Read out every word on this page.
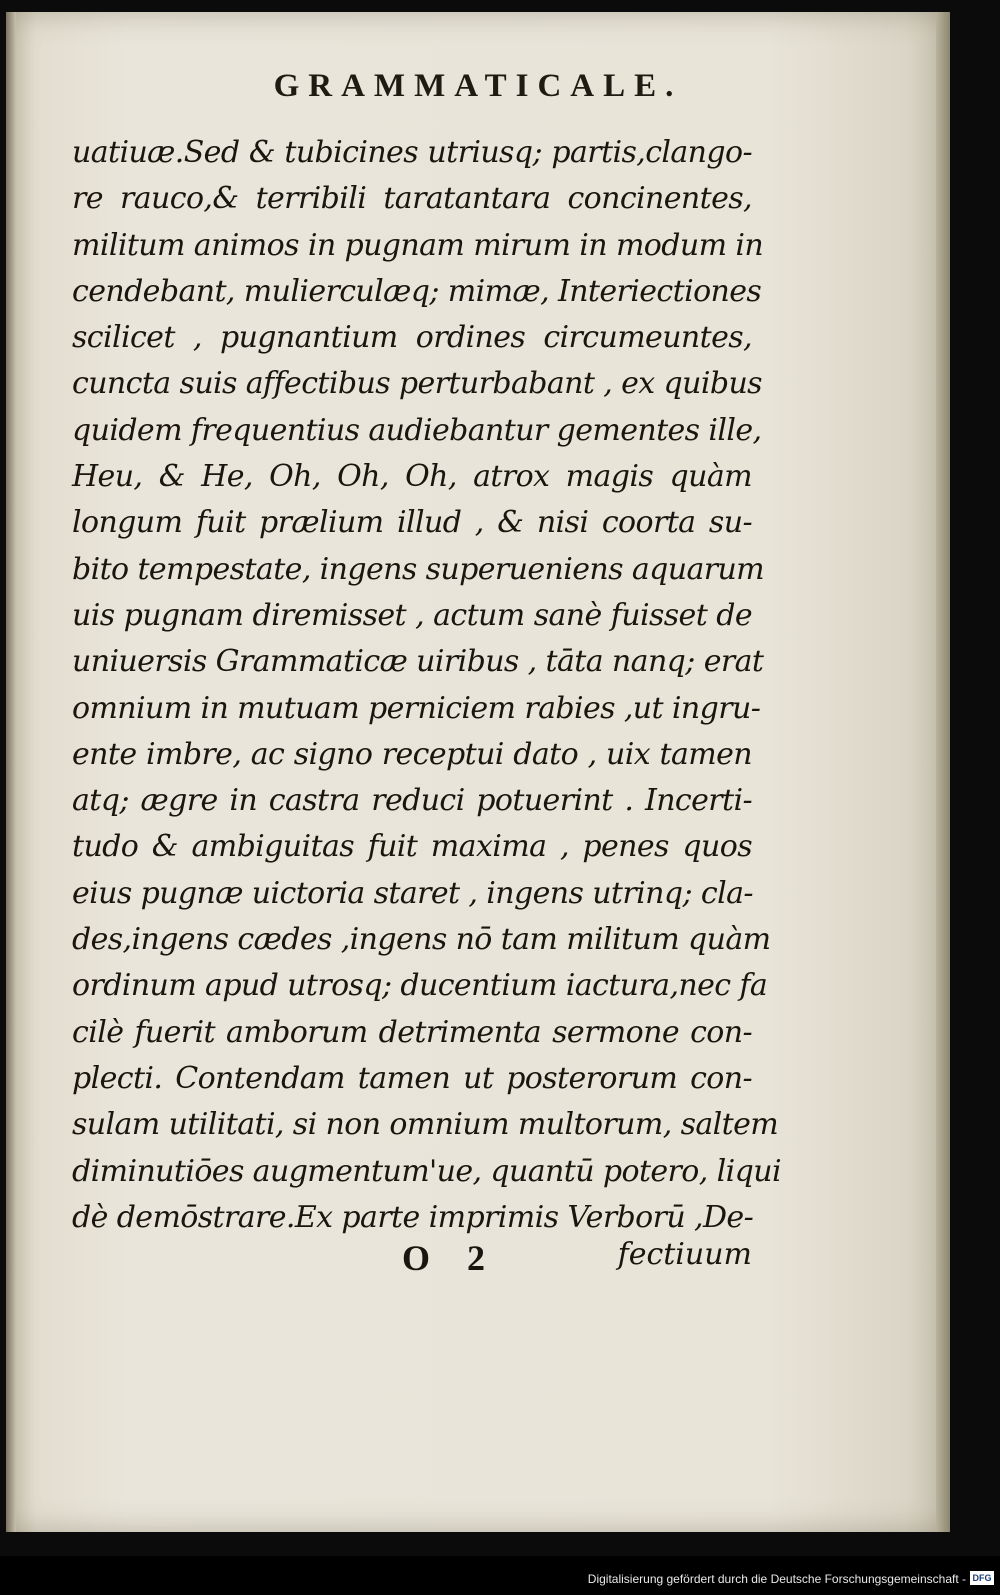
GRAMMATICALE.
uatiuæ.Sed & tubicines utriusq; partis,clango-
re rauco,& terribili taratantara concinentes,
militum animos in pugnam mirum in modum in
cendebant, mulierculæq; mimæ, Interiectiones
scilicet , pugnantium ordines circumeuntes,
cuncta suis affectibus perturbabant , ex quibus
quidem frequentius audiebantur gementes ille,
Heu, & He, Oh, Oh, Oh, atrox magis quàm
longum fuit prælium illud , & nisi coorta su-
bito tempestate, ingens superueniens aquarum
uis pugnam diremisset , actum sanè fuisset de
uniuersis Grammaticæ uiribus , tāta nanq; erat
omnium in mutuam perniciem rabies ,ut ingru-
ente imbre, ac signo receptui dato , uix tamen
atq; ægre in castra reduci potuerint . Incerti-
tudo & ambiguitas fuit maxima , penes quos
eius pugnæ uictoria staret , ingens utrinq; cla-
des,ingens cædes ,ingens nō tam militum quàm
ordinum apud utrosq; ducentium iactura,nec fa
cilè fuerit amborum detrimenta sermone con-
plecti. Contendam tamen ut posterorum con-
sulam utilitati, si non omnium multorum, saltem
diminutiōes augmentum'ue, quantū potero, liqui
dè demōstrare.Ex parte imprimis Verborū ,De-
O 2	fectiuum
Digitalisierung gefördert durch die Deutsche Forschungsgemeinschaft - DFG
